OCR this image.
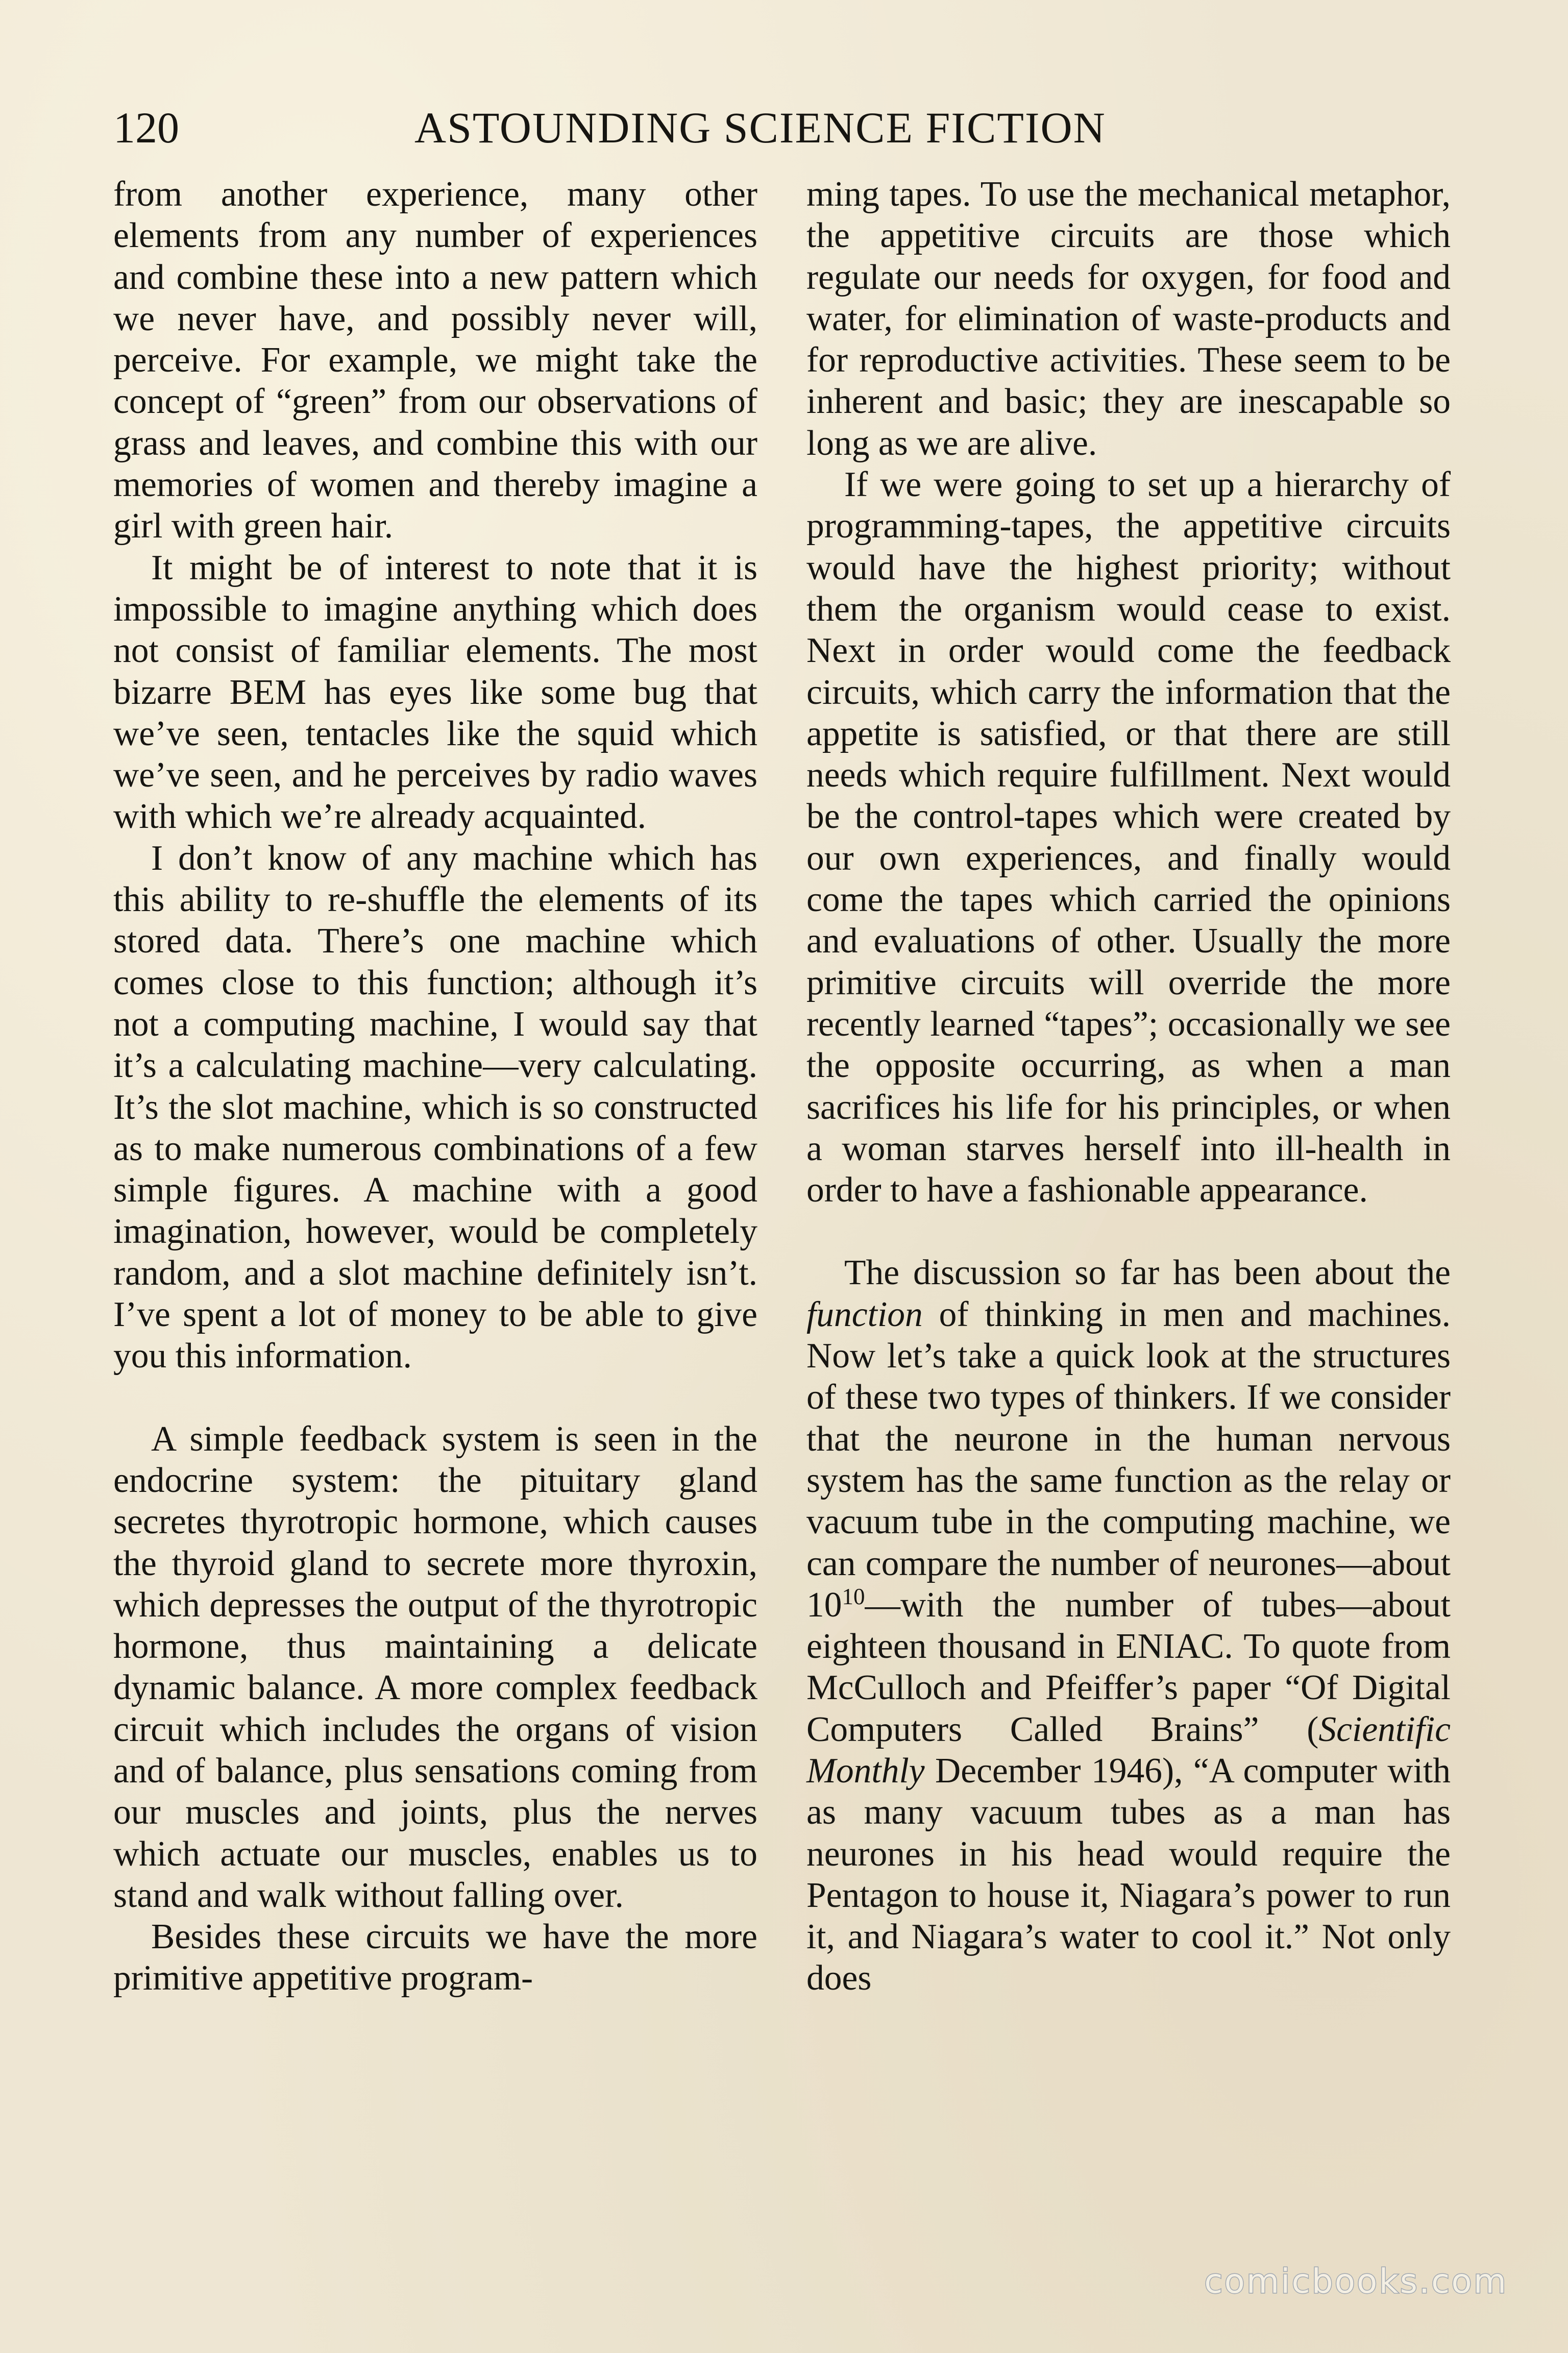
120	ASTOUNDING SCIENCE FICTION

from another experience, many other elements from any number of experiences and combine these into a new pattern which we never have, and possibly never will, perceive. For example, we might take the concept of “green” from our observations of grass and leaves, and combine this with our memories of women and thereby imagine a girl with green hair.

It might be of interest to note that it is impossible to imagine anything which does not consist of familiar elements. The most bizarre BEM has eyes like some bug that we’ve seen, tentacles like the squid which we’ve seen, and he perceives by radio waves with which we’re already acquainted.

I don’t know of any machine which has this ability to re-shuffle the elements of its stored data. There’s one machine which comes close to this function; although it’s not a computing machine, I would say that it’s a calculating machine—very calculating. It’s the slot machine, which is so constructed as to make numerous combinations of a few simple figures. A machine with a good imagination, however, would be completely random, and a slot machine definitely isn’t. I’ve spent a lot of money to be able to give you this information.

A simple feedback system is seen in the endocrine system: the pituitary gland secretes thyrotropic hormone, which causes the thyroid gland to secrete more thyroxin, which depresses the output of the thyrotropic hormone, thus maintaining a delicate dynamic balance. A more complex feedback circuit which includes the organs of vision and of balance, plus sensations coming from our muscles and joints, plus the nerves which actuate our muscles, enables us to stand and walk without falling over.

Besides these circuits we have the more primitive appetitive program-

ming tapes. To use the mechanical metaphor, the appetitive circuits are those which regulate our needs for oxygen, for food and water, for elimination of waste-products and for reproductive activities. These seem to be inherent and basic; they are inescapable so long as we are alive.

If we were going to set up a hierarchy of programming-tapes, the appetitive circuits would have the highest priority; without them the organism would cease to exist. Next in order would come the feedback circuits, which carry the information that the appetite is satisfied, or that there are still needs which require fulfillment. Next would be the control-tapes which were created by our own experiences, and finally would come the tapes which carried the opinions and evaluations of other. Usually the more primitive circuits will override the more recently learned “tapes”; occasionally we see the opposite occurring, as when a man sacrifices his life for his principles, or when a woman starves herself into ill-health in order to have a fashionable appearance.

The discussion so far has been about the function of thinking in men and machines. Now let’s take a quick look at the structures of these two types of thinkers. If we consider that the neurone in the human nervous system has the same function as the relay or vacuum tube in the computing machine, we can compare the number of neurones—about $10^{10}—with$ the number of tubes—about eighteen thousand in ENIAC. To quote from McCulloch and Pfeiffer’s paper “Of Digital Computers Called Brains” (Scientific Monthly December 1946), “A computer with as many vacuum tubes as a man has neurones in his head would require the Pentagon to house it, Niagara’s power to run it, and Niagara’s water to cool it.” Not only does

comicbooks.com
